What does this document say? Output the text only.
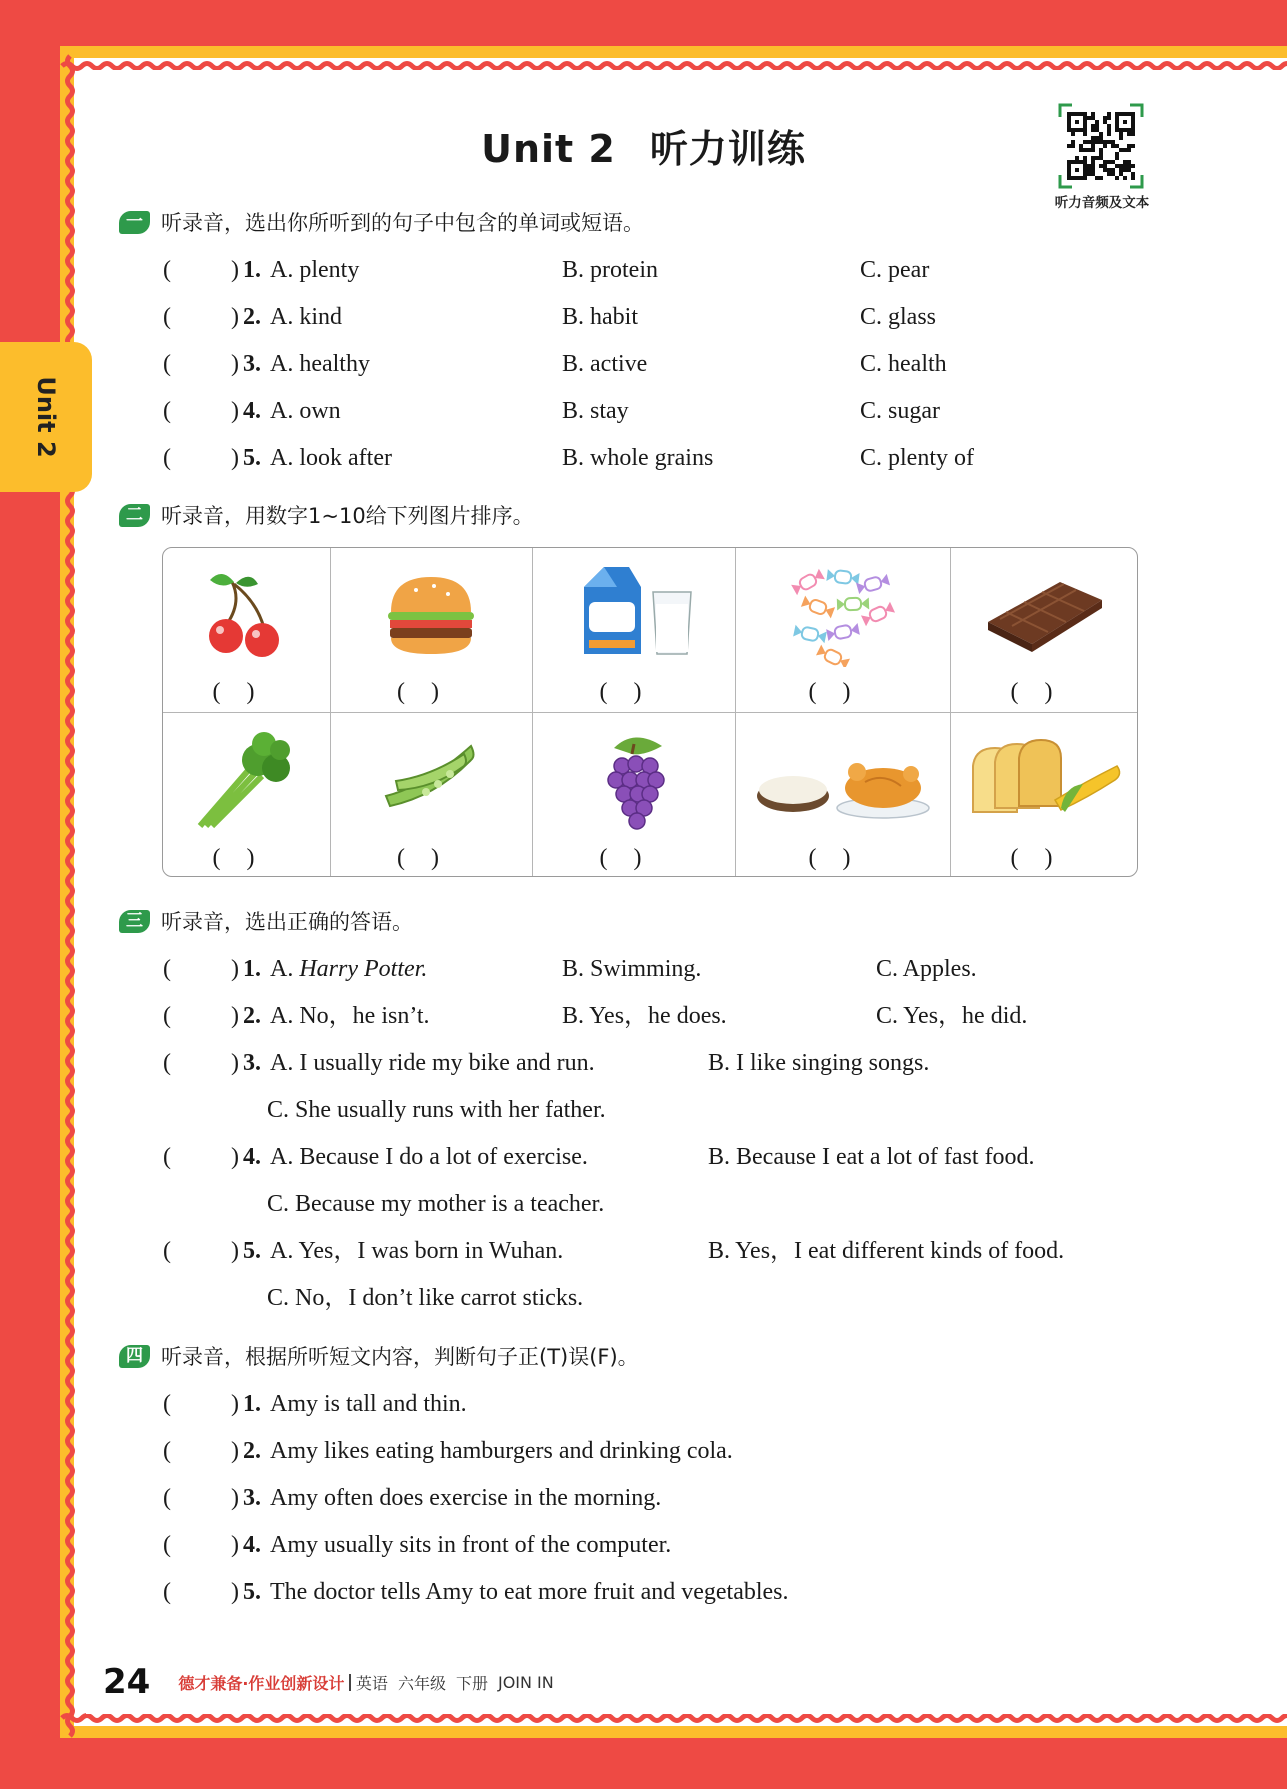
Unit 2 听力训练
听力音频及文本
Unit 2
一 听录音，选出你所听到的句子中包含的单词或短语。
(	) 1. A. plenty	B. protein	C. pear
(	) 2. A. kind	B. habit	C. glass
(	) 3. A. healthy	B. active	C. health
(	) 4. A. own	B. stay	C. sugar
(	) 5. A. look after	B. whole grains	C. plenty of
二 听录音，用数字1~10给下列图片排序。
()	()	()	()	()
()	()	()	()	()
三 听录音，选出正确的答语。
(	) 1. A. Harry Potter.	B. Swimming.	C. Apples.
(	) 2. A. No，he isn’t.	B. Yes，he does.	C. Yes，he did.
(	) 3. A. I usually ride my bike and run.	B. I like singing songs.
C. She usually runs with her father.
(	) 4. A. Because I do a lot of exercise.	B. Because I eat a lot of fast food.
C. Because my mother is a teacher.
(	) 5. A. Yes，I was born in Wuhan.	B. Yes，I eat different kinds of food.
C. No，I don’t like carrot sticks.
四 听录音，根据所听短文内容，判断句子正(T)误(F)。
(	) 1. Amy is tall and thin.
(	) 2. Amy likes eating hamburgers and drinking cola.
(	) 3. Amy often does exercise in the morning.
(	) 4. Amy usually sits in front of the computer.
(	) 5. The doctor tells Amy to eat more fruit and vegetables.
24 德才兼备·作业创新设计 英语 六年级 下册 JOIN IN
